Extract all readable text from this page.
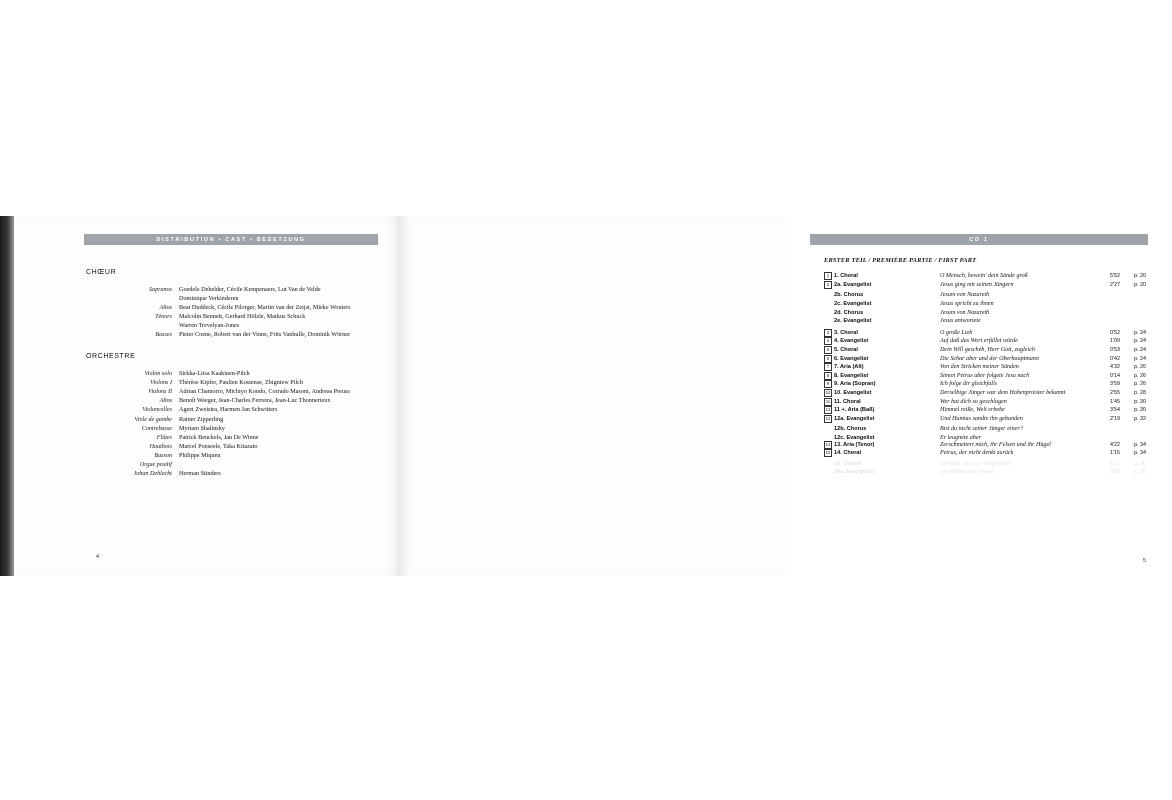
DISTRIBUTION • CAST • BESETZUNG
CHŒUR
Sopranos	Goedele Dehelder, Cécile Kempenaers, Lut Van de Velde
Dominique Verkinderen
Altos	Beat Duddeck, Cécile Pilorger, Martin van der Zeijst, Mieke Wouters
Ténors	Malcolm Bennett, Gerhard Hölzle, Markus Schuck
Warren Trevelyan-Jones
Basses	Pieter Coene, Robert van der Vinne, Frits Vanhulle, Dominik Wörner
ORCHESTRE
Violon solo	Sirkka-Liisa Kaakinen-Pilch
Violons I	Thérèse Kipfer, Paulien Kostense, Zbigniew Pilch
Violons II	Adrian Chamorro, Michiyo Kondo, Corrado Masoni, Andreas Preuss
Altos	Benoît Weeger, Jean-Charles Ferreira, Jean-Luc Thonnerieux
Violoncelles	Ageet Zweistra, Harmen Jan Schwitters
Viole de gambe	Rainer Zipperling
Contrebasse	Myriam Shalinsky
Flûtes	Patrick Beuckels, Jan De Winne
Hautbois	Marcel Ponseele, Taka Kitazato
Basson	Philippe Miqueu
Orgue positif
Johan Dehlecht	Herman Stinders
4
CD 1
ERSTER TEIL / PREMIÈRE PARTIE / FIRST PART
1 1. Choral	O Mensch, bewein' dein Sünde groß	5'52	p. 20
2 2a. Evangelist	Jesus ging mit seinen Jüngern	2'27	p. 20
2b. Chorus	Jesum von Nazareth
2c. Evangelist	Jesus spricht zu ihnen
2d. Chorus	Jesum von Nazareth
2e. Evangelist	Jesus antwortete
3 3. Choral	O große Lieb	0'52	p. 24
4 4. Evangelist	Auf daß das Wort erfüllet würde	1'09	p. 24
5 5. Choral	Dein Will gescheh, Herr Gott, zugleich	0'53	p. 24
6 6. Evangelist	Die Schar aber und der Oberhauptmann	0'42	p. 24
7 7. Aria (Alt)	Von den Stricken meiner Sünden	4'32	p. 26
8 8. Evangelist	Simon Petrus aber folgete Jesu nach	0'14	p. 26
9 9. Aria (Sopran)	Ich folge dir gleichfalls	3'59	p. 26
10 10. Evangelist	Derselbige Jünger war dem Hohenpriester bekannt	2'55	p. 28
11 11. Choral	Wer hat dich so geschlagen	1'45	p. 30
12 11 +. Aria (Baß)	Himmel reiße, Welt erbebe	3'54	p. 30
13 12a. Evangelist	Und Hannas sandte ihn gebunden	2'19	p. 32
12b. Chorus	Bist du nicht seiner Jünger einer?
12c. Evangelist	Er leugnete aber
14 13. Aria (Tenor)	Zerschmettert mich, ihr Felsen und ihr Hügel	4'22	p. 34
15 14. Choral	Petrus, der nicht denkt zurück	1'15	p. 34
15. Choral	Christus, der uns selig macht	1'12	p. 36
16a. Evangelist	Da führeten sie Jesum	3'02	p. 36
5
